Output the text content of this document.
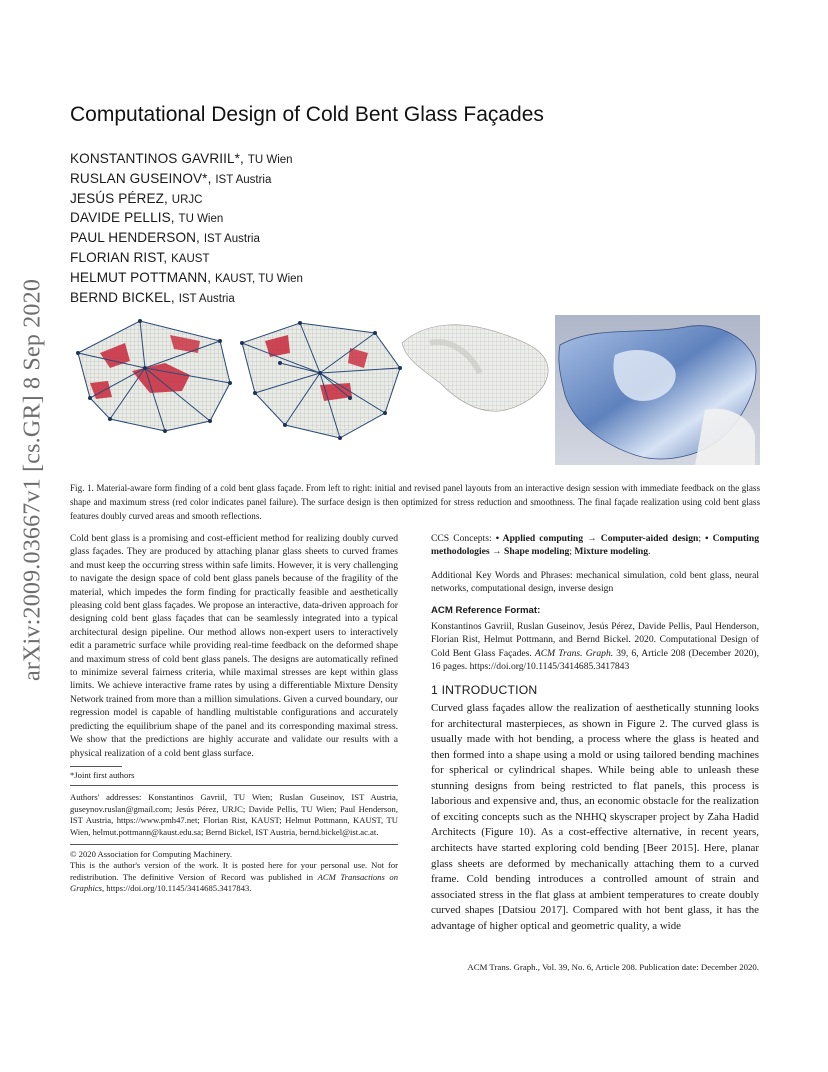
arXiv:2009.03667v1 [cs.GR] 8 Sep 2020
Computational Design of Cold Bent Glass Façades
KONSTANTINOS GAVRIIL*, TU Wien
RUSLAN GUSEINOV*, IST Austria
JESÚS PÉREZ, URJC
DAVIDE PELLIS, TU Wien
PAUL HENDERSON, IST Austria
FLORIAN RIST, KAUST
HELMUT POTTMANN, KAUST, TU Wien
BERND BICKEL, IST Austria
Fig. 1. Material-aware form finding of a cold bent glass façade. From left to right: initial and revised panel layouts from an interactive design session with immediate feedback on the glass shape and maximum stress (red color indicates panel failure). The surface design is then optimized for stress reduction and smoothness. The final façade realization using cold bent glass features doubly curved areas and smooth reflections.

Cold bent glass is a promising and cost-efficient method for realizing doubly curved glass façades. They are produced by attaching planar glass sheets to curved frames and must keep the occurring stress within safe limits. However, it is very challenging to navigate the design space of cold bent glass panels because of the fragility of the material, which impedes the form finding for practically feasible and aesthetically pleasing cold bent glass façades. We propose an interactive, data-driven approach for designing cold bent glass façades that can be seamlessly integrated into a typical architectural design pipeline. Our method allows non-expert users to interactively edit a parametric surface while providing real-time feedback on the deformed shape and maximum stress of cold bent glass panels. The designs are automatically refined to minimize several fairness criteria, while maximal stresses are kept within glass limits. We achieve interactive frame rates by using a differentiable Mixture Density Network trained from more than a million simulations. Given a curved boundary, our regression model is capable of handling multistable configurations and accurately predicting the equilibrium shape of the panel and its corresponding maximal stress. We show that the predictions are highly accurate and validate our results with a physical realization of a cold bent glass surface.

*Joint first authors

Authors' addresses: Konstantinos Gavriil, TU Wien; Ruslan Guseinov, IST Austria, guseynov.ruslan@gmail.com; Jesús Pérez, URJC; Davide Pellis, TU Wien; Paul Henderson, IST Austria, https://www.pmh47.net; Florian Rist, KAUST; Helmut Pottmann, KAUST, TU Wien, helmut.pottmann@kaust.edu.sa; Bernd Bickel, IST Austria, bernd.bickel@ist.ac.at.

© 2020 Association for Computing Machinery.

This is the author's version of the work. It is posted here for your personal use. Not for redistribution. The definitive Version of Record was published in ACM Transactions on Graphics, https://doi.org/10.1145/3414685.3417843.

CCS Concepts: • Applied computing → Computer-aided design; • Computing methodologies → Shape modeling; Mixture modeling.

Additional Key Words and Phrases: mechanical simulation, cold bent glass, neural networks, computational design, inverse design

ACM Reference Format:

Konstantinos Gavriil, Ruslan Guseinov, Jesús Pérez, Davide Pellis, Paul Henderson, Florian Rist, Helmut Pottmann, and Bernd Bickel. 2020. Computational Design of Cold Bent Glass Façades. ACM Trans. Graph. 39, 6, Article 208 (December 2020), 16 pages. https://doi.org/10.1145/3414685.3417843

1 INTRODUCTION

Curved glass façades allow the realization of aesthetically stunning looks for architectural masterpieces, as shown in Figure 2. The curved glass is usually made with hot bending, a process where the glass is heated and then formed into a shape using a mold or using tailored bending machines for spherical or cylindrical shapes. While being able to unleash these stunning designs from being restricted to flat panels, this process is laborious and expensive and, thus, an economic obstacle for the realization of exciting concepts such as the NHHQ skyscraper project by Zaha Hadid Architects (Figure 10). As a cost-effective alternative, in recent years, architects have started exploring cold bending [Beer 2015]. Here, planar glass sheets are deformed by mechanically attaching them to a curved frame. Cold bending introduces a controlled amount of strain and associated stress in the flat glass at ambient temperatures to create doubly curved shapes [Datsiou 2017]. Compared with hot bent glass, it has the advantage of higher optical and geometric quality, a wide

ACM Trans. Graph., Vol. 39, No. 6, Article 208. Publication date: December 2020.
